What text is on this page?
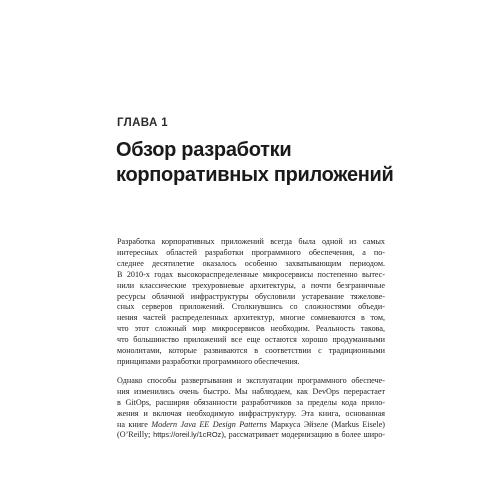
ГЛАВА 1
Обзор разработки
корпоративных приложений

Разработка корпоративных приложений всегда была одной из самых
интересных областей разработки программного обеспечения, а по-
следнее десятилетие оказалось особенно захватывающим периодом.
В 2010-х годах высокораспределенные микросервисы постепенно вытес-
нили классические трехуровневые архитектуры, а почти безграничные
ресурсы облачной инфраструктуры обусловили устаревание тяжелове-
сных серверов приложений. Столкнувшись со сложностями объеди-
нения частей распределенных архитектур, многие сомневаются в том,
что этот сложный мир микросервисов необходим. Реальность такова,
что большинство приложений все еще остаются хорошо продуманными
монолитами, которые развиваются в соответствии с традиционными
принципами разработки программного обеспечения.

Однако способы развертывания и эксплуатации программного обеспече-
ния изменились очень быстро. Мы наблюдаем, как DevOps перерастает
в GitOps, расширяя обязанности разработчиков за пределы кода прило-
жения и включая необходимую инфраструктуру. Эта книга, основанная
на книге Modern Java EE Design Patterns Маркуса Эйзеле (Markus Eisele)
(O’Reilly; https://oreil.ly/1cROz), рассматривает модернизацию в более широ-
